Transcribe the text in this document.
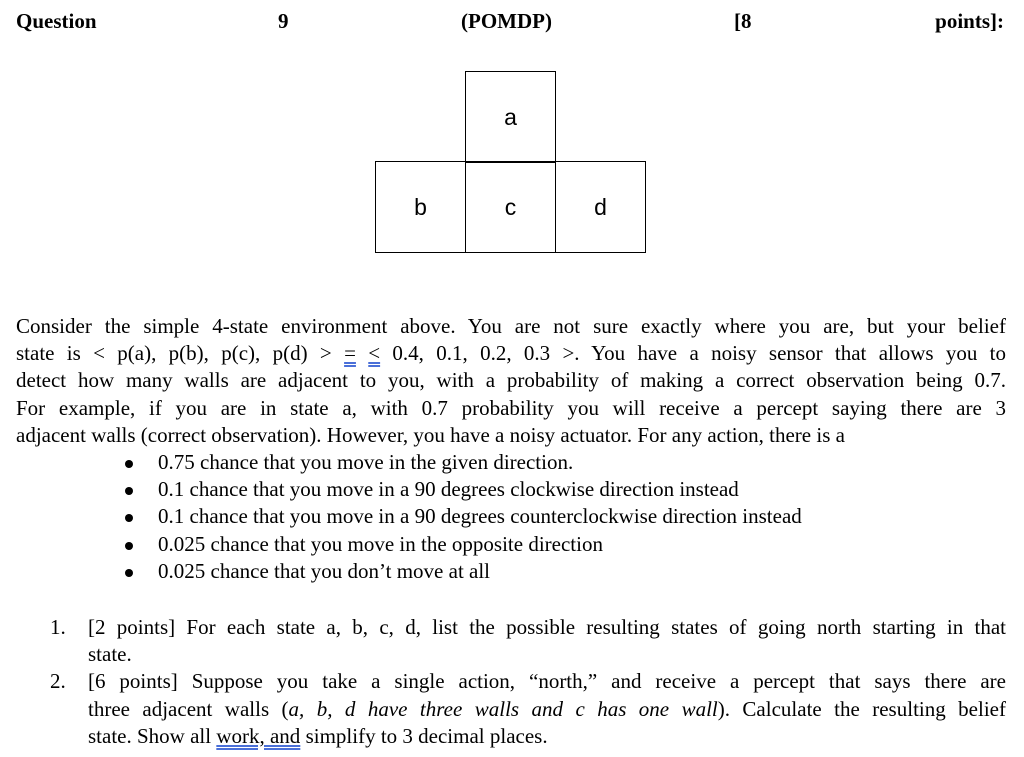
Question	9	(POMDP)	[8	points]:
a
b	c	d
Consider the simple 4-state environment above. You are not sure exactly where you are, but your belief
state is < p(a), p(b), p(c), p(d) > = < 0.4, 0.1, 0.2, 0.3 >. You have a noisy sensor that allows you to
detect how many walls are adjacent to you, with a probability of making a correct observation being 0.7.
For example, if you are in state a, with 0.7 probability you will receive a percept saying there are 3
adjacent walls (correct observation). However, you have a noisy actuator. For any action, there is a
0.75 chance that you move in the given direction.
0.1 chance that you move in a 90 degrees clockwise direction instead
0.1 chance that you move in a 90 degrees counterclockwise direction instead
0.025 chance that you move in the opposite direction
0.025 chance that you don’t move at all
1. [2 points] For each state a, b, c, d, list the possible resulting states of going north starting in that
state.
2. [6 points] Suppose you take a single action, “north,” and receive a percept that says there are
three adjacent walls (a, b, d have three walls and c has one wall). Calculate the resulting belief
state. Show all work, and simplify to 3 decimal places.
